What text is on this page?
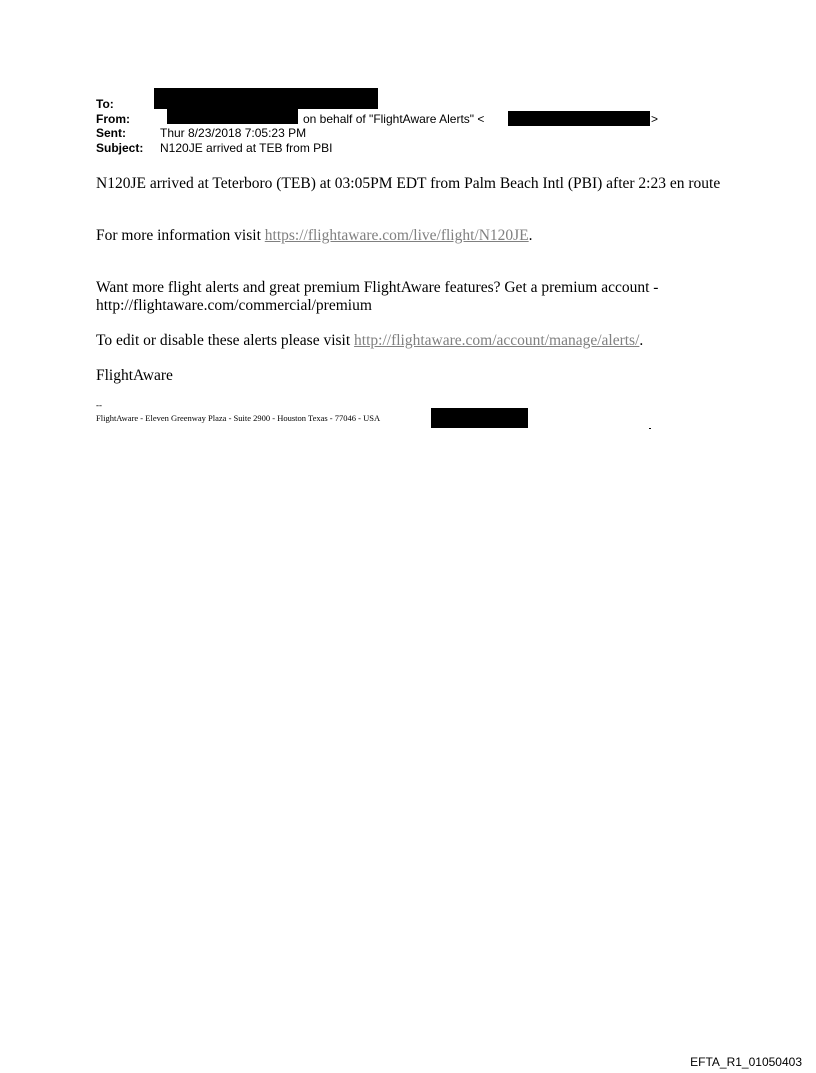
To:
From:	on behalf of "FlightAware Alerts" <	>
Sent:	Thur 8/23/2018 7:05:23 PM
Subject: N120JE arrived at TEB from PBI

N120JE arrived at Teterboro (TEB) at 03:05PM EDT from Palm Beach Intl (PBI) after 2:23 en route

For more information visit https://flightaware.com/live/flight/N120JE.

Want more flight alerts and great premium FlightAware features? Get a premium account - http://flightaware.com/commercial/premium

To edit or disable these alerts please visit http://flightaware.com/account/manage/alerts/.

FlightAware

--
FlightAware - Eleven Greenway Plaza - Suite 2900 - Houston Texas - 77046 - USA
EFTA_R1_01050403
